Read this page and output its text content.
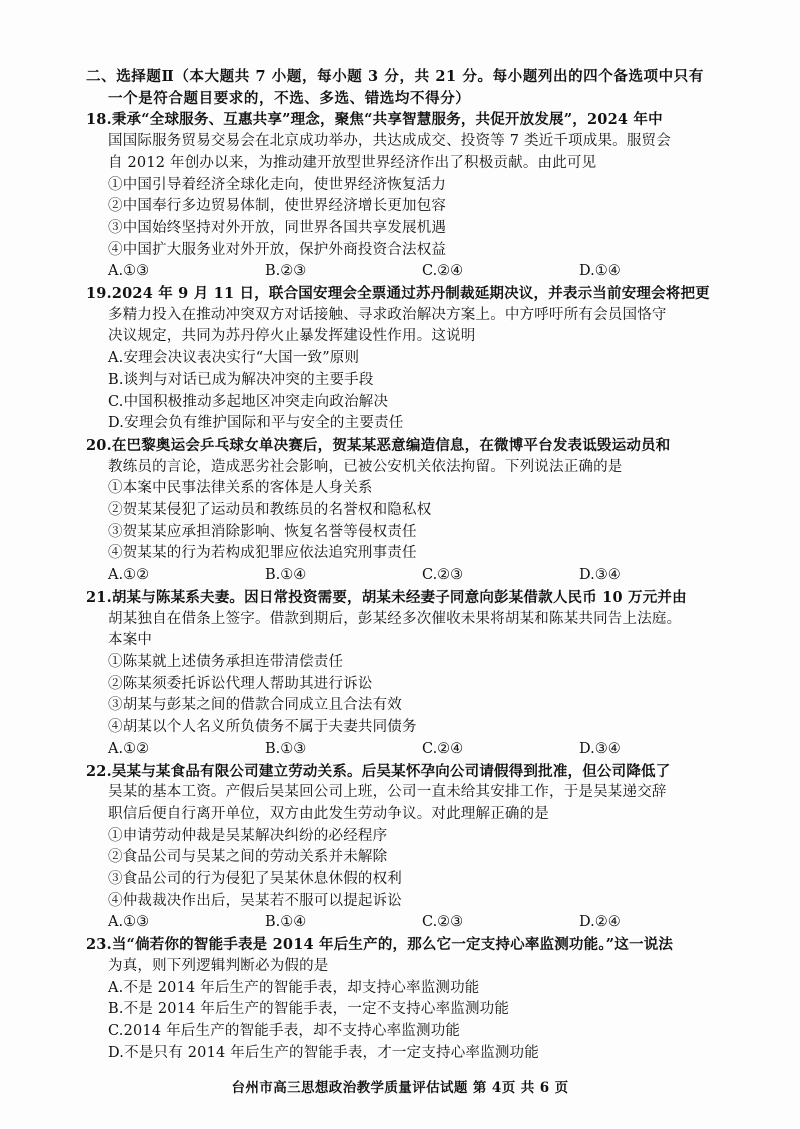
二、选择题Ⅱ（本大题共 7 小题，每小题 3 分，共 21 分。每小题列出的四个备选项中只有
一个是符合题目要求的，不选、多选、错选均不得分）
18.秉承“全球服务、互惠共享”理念，聚焦“共享智慧服务，共促开放发展”，2024 年中
国国际服务贸易交易会在北京成功举办，共达成成交、投资等 7 类近千项成果。服贸会
自 2012 年创办以来，为推动建开放型世界经济作出了积极贡献。由此可见
①中国引导着经济全球化走向，使世界经济恢复活力
②中国奉行多边贸易体制，使世界经济增长更加包容
③中国始终坚持对外开放，同世界各国共享发展机遇
④中国扩大服务业对外开放，保护外商投资合法权益
A.①③	B.②③	C.②④	D.①④
19.2024 年 9 月 11 日，联合国安理会全票通过苏丹制裁延期决议，并表示当前安理会将把更
多精力投入在推动冲突双方对话接触、寻求政治解决方案上。中方呼吁所有会员国恪守
决议规定，共同为苏丹停火止暴发挥建设性作用。这说明
A.安理会决议表决实行“大国一致”原则
B.谈判与对话已成为解决冲突的主要手段
C.中国积极推动多起地区冲突走向政治解决
D.安理会负有维护国际和平与安全的主要责任
20.在巴黎奥运会乒乓球女单决赛后，贺某某恶意编造信息，在微博平台发表诋毁运动员和
教练员的言论，造成恶劣社会影响，已被公安机关依法拘留。下列说法正确的是
①本案中民事法律关系的客体是人身关系
②贺某某侵犯了运动员和教练员的名誉权和隐私权
③贺某某应承担消除影响、恢复名誉等侵权责任
④贺某某的行为若构成犯罪应依法追究刑事责任
A.①②	B.①④	C.②③	D.③④
21.胡某与陈某系夫妻。因日常投资需要，胡某未经妻子同意向彭某借款人民币 10 万元并由
胡某独自在借条上签字。借款到期后，彭某经多次催收未果将胡某和陈某共同告上法庭。
本案中
①陈某就上述债务承担连带清偿责任
②陈某须委托诉讼代理人帮助其进行诉讼
③胡某与彭某之间的借款合同成立且合法有效
④胡某以个人名义所负债务不属于夫妻共同债务
A.①②	B.①③	C.②④	D.③④
22.吴某与某食品有限公司建立劳动关系。后吴某怀孕向公司请假得到批准，但公司降低了
吴某的基本工资。产假后吴某回公司上班，公司一直未给其安排工作，于是吴某递交辞
职信后便自行离开单位，双方由此发生劳动争议。对此理解正确的是
①申请劳动仲裁是吴某解决纠纷的必经程序
②食品公司与吴某之间的劳动关系并未解除
③食品公司的行为侵犯了吴某休息休假的权利
④仲裁裁决作出后，吴某若不服可以提起诉讼
A.①③	B.①④	C.②③	D.②④
23.当“倘若你的智能手表是 2014 年后生产的，那么它一定支持心率监测功能。”这一说法
为真，则下列逻辑判断必为假的是
A.不是 2014 年后生产的智能手表，却支持心率监测功能
B.不是 2014 年后生产的智能手表，一定不支持心率监测功能
C.2014 年后生产的智能手表，却不支持心率监测功能
D.不是只有 2014 年后生产的智能手表，才一定支持心率监测功能
台州市高三思想政治教学质量评估试题 第 4页 共 6 页
